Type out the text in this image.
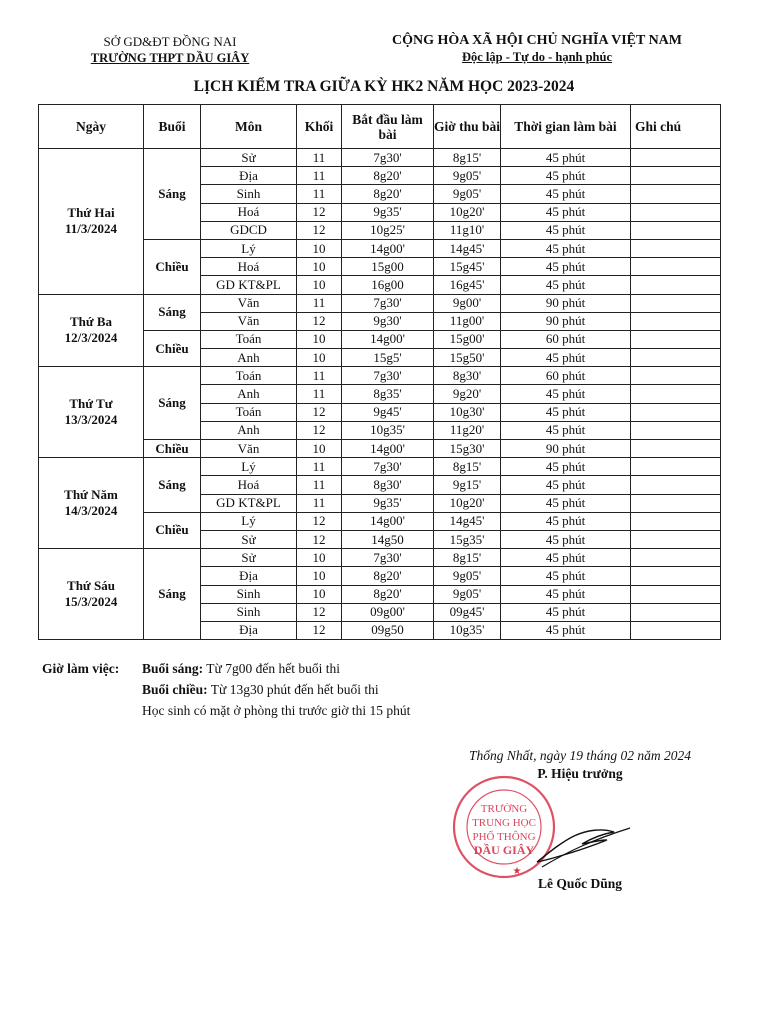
SỞ GD&ĐT ĐỒNG NAI
TRƯỜNG THPT DẦU GIÂY
CỘNG HÒA XÃ HỘI CHỦ NGHĨA VIỆT NAM
Độc lập - Tự do - hạnh phúc
LỊCH KIỂM TRA GIỮA KỲ HK2 NĂM HỌC 2023-2024
Ngày	Buổi	Môn	Khối	Bắt đầu làm bài	Giờ thu bài	Thời gian làm bài	Ghi chú

Thứ Hai
11/3/2024	Sáng	Sử	11	7g30'	8g15'	45 phút	
		Địa	11	8g20'	9g05'	45 phút	
		Sinh	11	8g20'	9g05'	45 phút	
		Hoá	12	9g35'	10g20'	45 phút	
		GDCD	12	10g25'	11g10'	45 phút	
	Chiều	Lý	10	14g00'	14g45'	45 phút	
		Hoá	10	15g00	15g45'	45 phút	
		GD KT&PL	10	16g00	16g45'	45 phút	

Thứ Ba
12/3/2024	Sáng	Văn	11	7g30'	9g00'	90 phút	
		Văn	12	9g30'	11g00'	90 phút	
	Chiều	Toán	10	14g00'	15g00'	60 phút	
		Anh	10	15g5'	15g50'	45 phút	

Thứ Tư
13/3/2024	Sáng	Toán	11	7g30'	8g30'	60 phút	
		Anh	11	8g35'	9g20'	45 phút	
		Toán	12	9g45'	10g30'	45 phút	
		Anh	12	10g35'	11g20'	45 phút	
	Chiều	Văn	10	14g00'	15g30'	90 phút	

Thứ Năm
14/3/2024	Sáng	Lý	11	7g30'	8g15'	45 phút	
		Hoá	11	8g30'	9g15'	45 phút	
		GD KT&PL	11	9g35'	10g20'	45 phút	
	Chiều	Lý	12	14g00'	14g45'	45 phút	
		Sử	12	14g50	15g35'	45 phút	

Thứ Sáu
15/3/2024	Sáng	Sử	10	7g30'	8g15'	45 phút	
		Địa	10	8g20'	9g05'	45 phút	
		Sinh	10	8g20'	9g05'	45 phút	
		Sinh	12	09g00'	09g45'	45 phút	
		Địa	12	09g50	10g35'	45 phút	
Giờ làm việc: Buổi sáng: Từ 7g00 đến hết buổi thi
Buổi chiều: Từ 13g30 phút đến hết buổi thi
Học sinh có mặt ở phòng thi trước giờ thi 15 phút
Thống Nhất, ngày 19 tháng 02 năm 2024
P. Hiệu trưởng
TRƯỜNG
TRUNG HỌC
PHỔ THÔNG
DẦU GIÂY
★
Lê Quốc Dũng
